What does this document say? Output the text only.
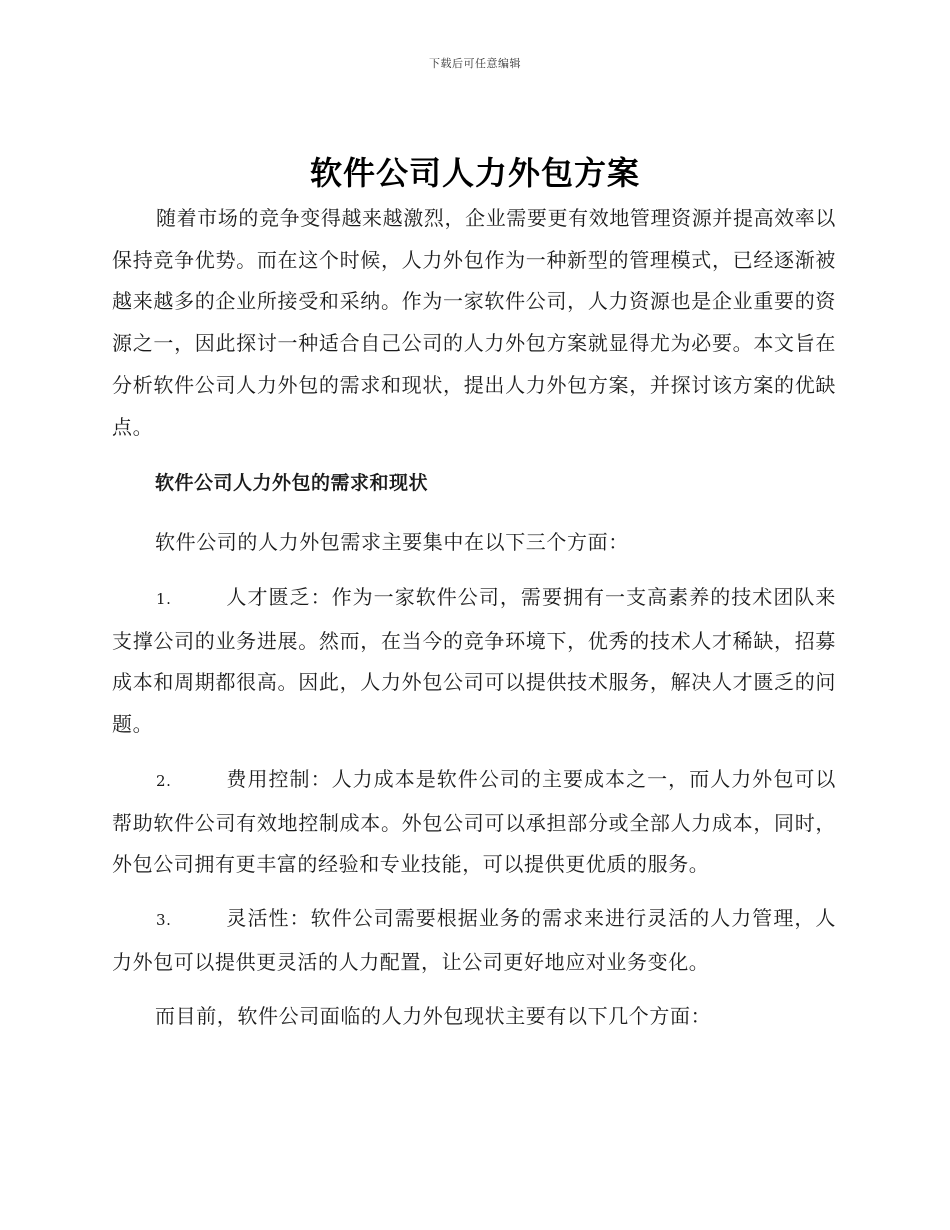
下载后可任意编辑
软件公司人力外包方案
随着市场的竞争变得越来越激烈，企业需要更有效地管理资源并提高效率以保持竞争优势。而在这个时候，人力外包作为一种新型的管理模式，已经逐渐被越来越多的企业所接受和采纳。作为一家软件公司，人力资源也是企业重要的资源之一，因此探讨一种适合自己公司的人力外包方案就显得尤为必要。本文旨在分析软件公司人力外包的需求和现状，提出人力外包方案，并探讨该方案的优缺点。
软件公司人力外包的需求和现状
软件公司的人力外包需求主要集中在以下三个方面：
1.	人才匮乏：作为一家软件公司，需要拥有一支高素养的技术团队来支撑公司的业务进展。然而，在当今的竞争环境下，优秀的技术人才稀缺，招募成本和周期都很高。因此，人力外包公司可以提供技术服务，解决人才匮乏的问题。
2.	费用控制：人力成本是软件公司的主要成本之一，而人力外包可以帮助软件公司有效地控制成本。外包公司可以承担部分或全部人力成本，同时，外包公司拥有更丰富的经验和专业技能，可以提供更优质的服务。
3.	灵活性：软件公司需要根据业务的需求来进行灵活的人力管理，人力外包可以提供更灵活的人力配置，让公司更好地应对业务变化。
而目前，软件公司面临的人力外包现状主要有以下几个方面：
